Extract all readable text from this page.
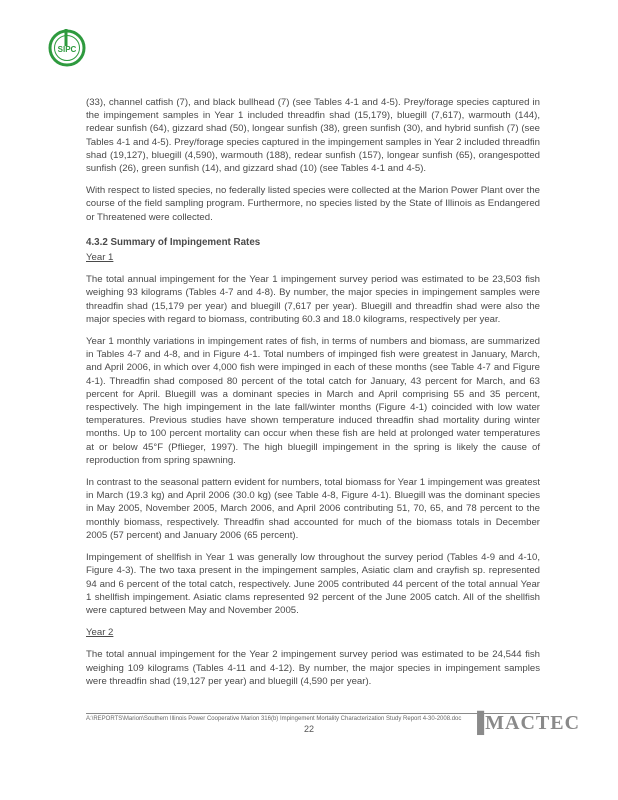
SIPC

(33), channel catfish (7), and black bullhead (7) (see Tables 4-1 and 4-5). Prey/forage species captured in the impingement samples in Year 1 included threadfin shad (15,179), bluegill (7,617), warmouth (144), redear sunfish (64), gizzard shad (50), longear sunfish (38), green sunfish (30), and hybrid sunfish (7) (see Tables 4-1 and 4-5). Prey/forage species captured in the impingement samples in Year 2 included threadfin shad (19,127), bluegill (4,590), warmouth (188), redear sunfish (157), longear sunfish (65), orangespotted sunfish (26), green sunfish (14), and gizzard shad (10) (see Tables 4-1 and 4-5).

With respect to listed species, no federally listed species were collected at the Marion Power Plant over the course of the field sampling program. Furthermore, no species listed by the State of Illinois as Endangered or Threatened were collected.

4.3.2 Summary of Impingement Rates

Year 1

The total annual impingement for the Year 1 impingement survey period was estimated to be 23,503 fish weighing 93 kilograms (Tables 4-7 and 4-8). By number, the major species in impingement samples were threadfin shad (15,179 per year) and bluegill (7,617 per year). Bluegill and threadfin shad were also the major species with regard to biomass, contributing 60.3 and 18.0 kilograms, respectively per year.

Year 1 monthly variations in impingement rates of fish, in terms of numbers and biomass, are summarized in Tables 4-7 and 4-8, and in Figure 4-1. Total numbers of impinged fish were greatest in January, March, and April 2006, in which over 4,000 fish were impinged in each of these months (see Table 4-7 and Figure 4-1). Threadfin shad composed 80 percent of the total catch for January, 43 percent for March, and 63 percent for April. Bluegill was a dominant species in March and April comprising 55 and 35 percent, respectively. The high impingement in the late fall/winter months (Figure 4-1) coincided with low water temperatures. Previous studies have shown temperature induced threadfin shad mortality during winter months. Up to 100 percent mortality can occur when these fish are held at prolonged water temperatures at or below 45°F (Pflieger, 1997). The high bluegill impingement in the spring is likely the cause of reproduction from spring spawning.

In contrast to the seasonal pattern evident for numbers, total biomass for Year 1 impingement was greatest in March (19.3 kg) and April 2006 (30.0 kg) (see Table 4-8, Figure 4-1). Bluegill was the dominant species in May 2005, November 2005, March 2006, and April 2006 contributing 51, 70, 65, and 78 percent to the monthly biomass, respectively. Threadfin shad accounted for much of the biomass totals in December 2005 (57 percent) and January 2006 (65 percent).

Impingement of shellfish in Year 1 was generally low throughout the survey period (Tables 4-9 and 4-10, Figure 4-3). The two taxa present in the impingement samples, Asiatic clam and crayfish sp. represented 94 and 6 percent of the total catch, respectively. June 2005 contributed 44 percent of the total annual Year 1 shellfish impingement. Asiatic clams represented 92 percent of the June 2005 catch. All of the shellfish were captured between May and November 2005.

Year 2

The total annual impingement for the Year 2 impingement survey period was estimated to be 24,544 fish weighing 109 kilograms (Tables 4-11 and 4-12). By number, the major species in impingement samples were threadfin shad (19,127 per year) and bluegill (4,590 per year).

A:\REPORTS\Marion\Southern Illinois Power Cooperative Marion 316(b) Impingement Mortality Characterization Study Report 4-30-2008.doc
22	▐MACTEC
